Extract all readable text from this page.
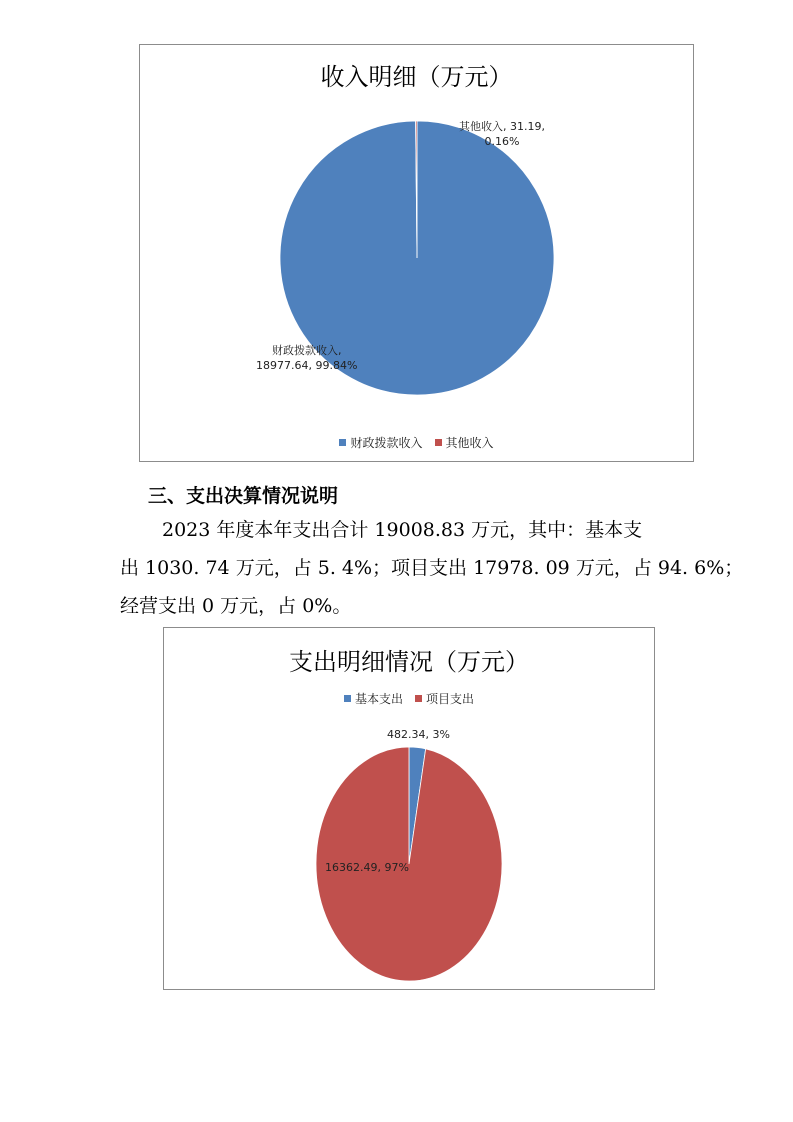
收入明细（万元）
其他收入, 31.19,
0.16%
财政拨款收入,
18977.64, 99.84%
财政拨款收入 其他收入
三、支出决算情况说明
2023 年度本年支出合计 19008.83 万元，其中：基本支
出 1030. 74 万元，占 5. 4%；项目支出 17978. 09 万元，占 94. 6%；
经营支出 0 万元，占 0%。
支出明细情况（万元）
基本支出 项目支出
482.34, 3%
16362.49, 97%
